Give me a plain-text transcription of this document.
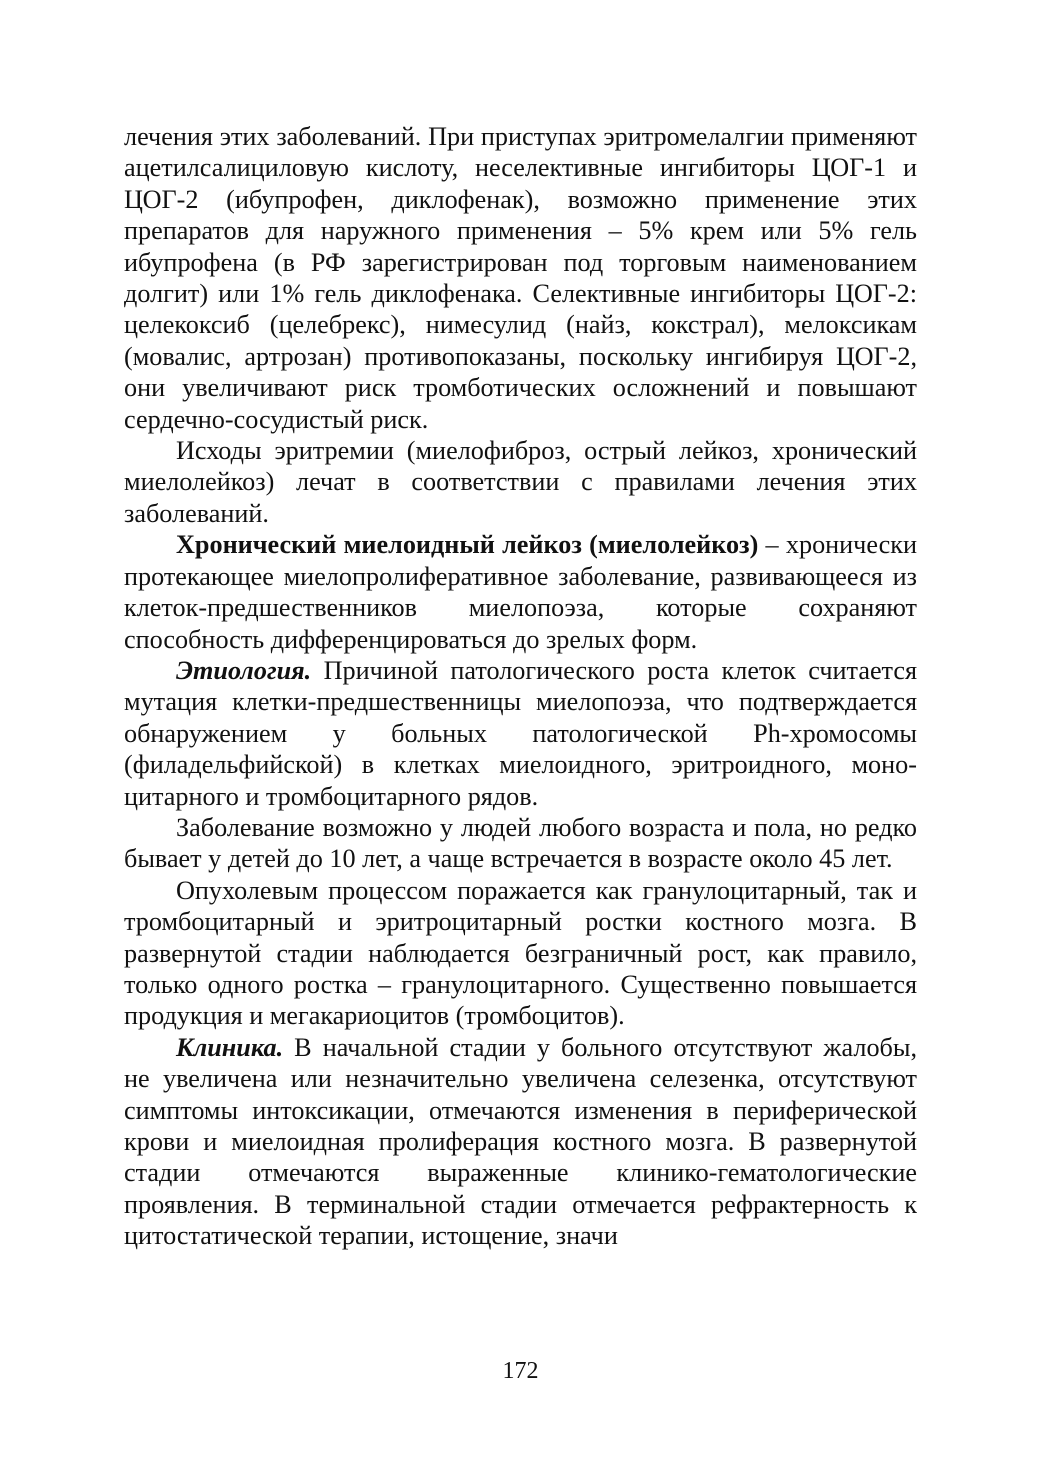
лечения этих заболеваний. При приступах эритромелалгии применяют ацетилсалициловую кислоту, неселективные ингибиторы ЦОГ-1 и ЦОГ-2 (ибупрофен, диклофенак), возможно применение этих препаратов для наружного применения – 5% крем или 5% гель ибупрофена (в РФ зарегистрирован под торговым наименованием долгит) или 1% гель диклофенака. Селективные ингибиторы ЦОГ-2: целекоксиб (целебрекс), нимесулид (найз, кокстрал), мелоксикам (мовалис, артрозан) противопоказаны, поскольку ингибируя ЦОГ-2, они увеличивают риск тромботических осложнений и повышают сердечно-сосудистый риск.

Исходы эритремии (миелофиброз, острый лейкоз, хронический миелолейкоз) лечат в соответствии с правилами лечения этих заболеваний.

Хронический миелоидный лейкоз (миелолейкоз) – хронически протекающее миелопролиферативное заболевание, развивающееся из клеток-предшественников миелопоэза, которые сохраняют способность дифференцироваться до зрелых форм.

Этиология. Причиной патологического роста клеток считается мутация клетки-предшественницы миелопоэза, что подтверждается обнаружением у больных патологической Ph-хромосомы (филадельфийской) в клетках миелоидного, эритроидного, моноцитарного и тромбоцитарного рядов.

Заболевание возможно у людей любого возраста и пола, но редко бывает у детей до 10 лет, а чаще встречается в возрасте около 45 лет.

Опухолевым процессом поражается как гранулоцитарный, так и тромбоцитарный и эритроцитарный ростки костного мозга. В развернутой стадии наблюдается безграничный рост, как правило, только одного ростка – гранулоцитарного. Существенно повышается продукция и мегакариоцитов (тромбоцитов).

Клиника. В начальной стадии у больного отсутствуют жалобы, не увеличена или незначительно увеличена селезенка, отсутствуют симптомы интоксикации, отмечаются изменения в периферической крови и миелоидная пролиферация костного мозга. В развернутой стадии отмечаются выраженные клинико-гематологические проявления. В терминальной стадии отмечается рефрактерность к цитостатической терапии, истощение, значи

172
